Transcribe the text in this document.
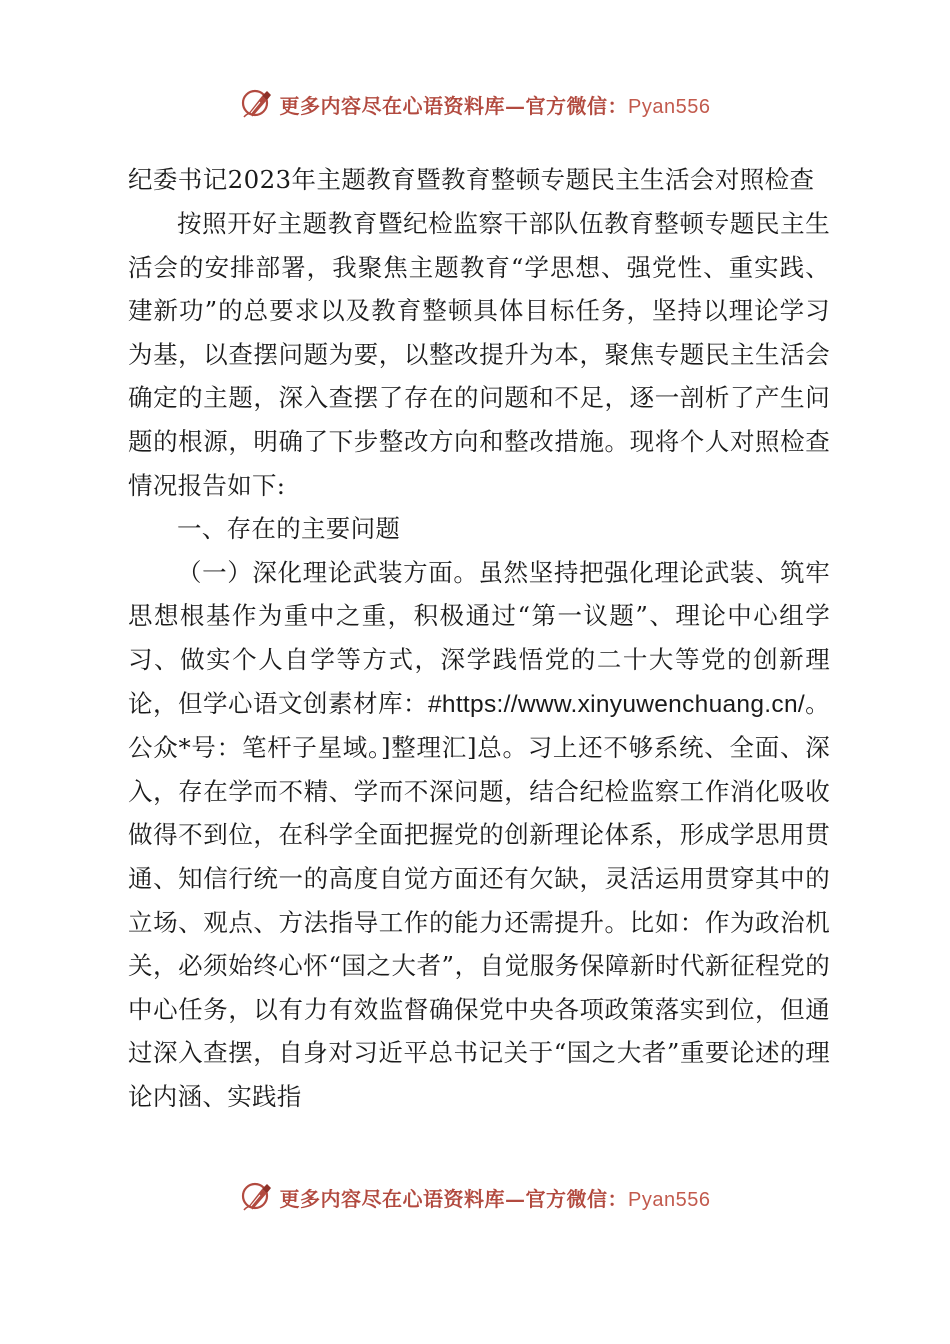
更多内容尽在心语资料库—官方微信：Pyan556
纪委书记2023年主题教育暨教育整顿专题民主生活会对照检查

按照开好主题教育暨纪检监察干部队伍教育整顿专题民主生活会的安排部署，我聚焦主题教育“学思想、强党性、重实践、建新功”的总要求以及教育整顿具体目标任务，坚持以理论学习为基，以查摆问题为要，以整改提升为本，聚焦专题民主生活会确定的主题，深入查摆了存在的问题和不足，逐一剖析了产生问题的根源，明确了下步整改方向和整改措施。现将个人对照检查情况报告如下:

一、存在的主要问题

（一）深化理论武装方面。虽然坚持把强化理论武装、筑牢思想根基作为重中之重，积极通过“第一议题”、理论中心组学习、做实个人自学等方式，深学践悟党的二十大等党的创新理论，但学心语文创素材库：#https://www.xinyuwenchuang.cn/。公众*号：笔杆子星域。]整理汇]总。习上还不够系统、全面、深入，存在学而不精、学而不深问题，结合纪检监察工作消化吸收做得不到位，在科学全面把握党的创新理论体系，形成学思用贯通、知信行统一的高度自觉方面还有欠缺，灵活运用贯穿其中的立场、观点、方法指导工作的能力还需提升。比如：作为政治机关，必须始终心怀“国之大者”，自觉服务保障新时代新征程党的中心任务，以有力有效监督确保党中央各项政策落实到位，但通过深入查摆，自身对习近平总书记关于“国之大者”重要论述的理论内涵、实践指

更多内容尽在心语资料库—官方微信：Pyan556
